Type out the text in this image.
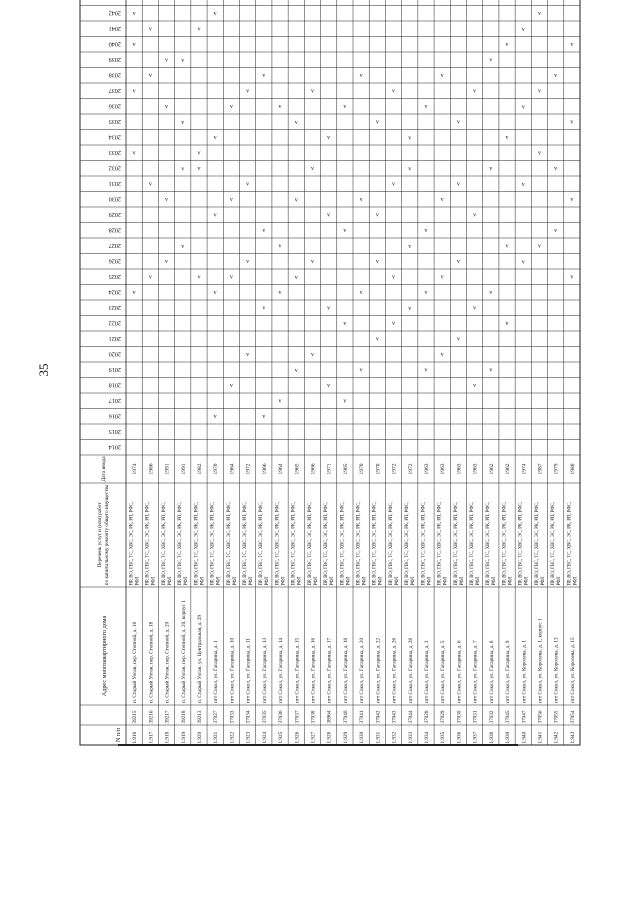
35
N п/п
Адрес многоквартирного дома
Перечень услуг и (или) работпо капитальному ремонту общего имущества
Дата ввода
2014
2015
2016
2017
2018
2019
2020
2021
2022
2023
2024
2025
2026
2027
2028
2029
2030
2031
2032
2033
2034
2035
2036
2037
2038
2039
2040
2041
2042
1.916
39215
п. Старый Уоган, пер. Степной, д. 16
ПР, ВО, ГВС, ТС, ХВС, ЭС, РК, РП, РФС,РФЛ
1974
v
v
v
v
v
1.917
39216
п. Старый Уоган, пер. Степной, д. 18
ПР, ВО, ГВС, ТС, ХВС, ЭС, РК, РП, РФС,РФЛ
1986
v
v
v
v
1.918
39217
п. Старый Уоган, пер. Степной, д. 20
ПР, ВО, ГВС, ТС, ХВС, ЭС, РК, РП, РФС,РФЛ
1991
v
v
v
v
1.919
39218
п. Старый Уоган, пер. Степной, д. 20, корпус 1
ПР, ВО, ГВС, ТС, ХВС, ЭС, РК, РП, РФС,РФЛ
1991
v
v
v
v
1.920
39213
п. Старый Уоган, ул. Центральная, д. 29
ПР, ВО, ГВС, ТС, ХВС, ЭС, РК, РП, РФС,РФЛ
1982
v
v
v
v
1.921
37027
пгт Сокол, ул. Гагарина, д. 1
ПР, ВО, ГВС, ТС, ХВС, ЭС, РК, РП, РФС,РФЛ
1970
v
v
v
v
v
1.922
37033
пгт Сокол, ул. Гагарина, д. 10
ПР, ВО, ГВС, ТС, ХВС, ЭС, РК, РП, РФС,РФЛ
1964
v
v
v
v
1.923
37034
пгт Сокол, ул. Гагарина, д. 11
ПР, ВО, ГВС, ТС, ХВС, ЭС, РК, РП, РФС,РФЛ
1972
v
v
v
v
1.924
37035
пгт Сокол, ул. Гагарина, д. 13
ПР, ВО, ГВС, ТС, ХВС, ЭС, РК, РП, РФС,РФЛ
1966
v
v
v
v
1.925
37036
пгт Сокол, ул. Гагарина, д. 14
ПР, ВО, ГВС, ТС, ХВС, ЭС, РК, РП, РФС,РФЛ
1964
v
v
v
v
1.926
37037
пгт Сокол, ул. Гагарина, д. 15
ПР, ВО, ГВС, ТС, ХВС, ЭС, РК, РП, РФС,РФЛ
1965
v
v
v
v
1.927
37038
пгт Сокол, ул. Гагарина, д. 16
ПР, ВО, ГВС, ТС, ХВС, ЭС, РК, РП, РФС,РФЛ
1966
v
v
v
v
1.928
38964
пгт Сокол, ул. Гагарина, д. 17
ПР, ВО, ГВС, ТС, ХВС, ЭС, РК, РП, РФС,РФЛ
1971
v
v
v
v
1.929
37040
пгт Сокол, ул. Гагарина, д. 18
ПР, ВО, ГВС, ТС, ХВС, ЭС, РК, РП, РФС,РФЛ
1965
v
v
v
v
1.930
37041
пгт Сокол, ул. Гагарина, д. 20
ПР, ВО, ГВС, ТС, ХВС, ЭС, РК, РП, РФС,РФЛ
1970
v
v
v
v
1.931
37042
пгт Сокол, ул. Гагарина, д. 22
ПР, ВО, ГВС, ТС, ХВС, ЭС, РК, РП, РФС,РФЛ
1970
v
v
v
v
1.932
37043
пгт Сокол, ул. Гагарина, д. 26
ПР, ВО, ГВС, ТС, ХВС, ЭС, РК, РП, РФС,РФЛ
1972
v
v
v
v
1.933
37044
пгт Сокол, ул. Гагарина, д. 28
ПР, ВО, ГВС, ТС, ХВС, ЭС, РК, РП, РФС,РФЛ
1972
v
v
v
v
1.934
37028
пгт Сокол, ул. Гагарина, д. 3
ПР, ВО, ГВС, ТС, ХВС, ЭС, РК, РП, РФС,РФЛ
1963
v
v
v
v
1.935
37029
пгт Сокол, ул. Гагарина, д. 5
ПР, ВО, ГВС, ТС, ХВС, ЭС, РК, РП, РФС,РФЛ
1963
v
v
v
v
1.936
37030
пгт Сокол, ул. Гагарина, д. 6
ПР, ВО, ГВС, ТС, ХВС, ЭС, РК, РП, РФС,РФЛ
1963
v
v
v
v
1.937
37031
пгт Сокол, ул. Гагарина, д. 7
ПР, ВО, ГВС, ТС, ХВС, ЭС, РК, РП, РФС,РФЛ
1963
v
v
v
v
1.938
37032
пгт Сокол, ул. Гагарина, д. 8
ПР, ВО, ГВС, ТС, ХВС, ЭС, РК, РП, РФС,РФЛ
1962
v
v
v
v
1.939
37045
пгт Сокол, ул. Гагарина, д. 9
ПР, ВО, ГВС, ТС, ХВС, ЭС, РК, РП, РФС,РФЛ
1962
v
v
v
v
1.940
37047
пгт Сокол, ул. Королева, д. 1
ПР, ВО, ГВС, ТС, ХВС, ЭС, РК, РП, РФС,РФЛ
1974
v
v
v
v
1.941
37056
пгт Сокол, ул. Королева, д. 1, корпус 1
ПР, ВО, ГВС, ТС, ХВС, ЭС, РК, РП, РФС,РФЛ
1987
v
v
v
v
1.942
37055
пгт Сокол, ул. Королева, д. 13
ПР, ВО, ГВС, ТС, ХВС, ЭС, РК, РП, РФС,РФЛ
1979
v
v
v
1.943
37054
пгт Сокол, ул. Королева, д. 15
ПР, ВО, ГВС, ТС, ХВС, ЭС, РК, РП, РФС,РФЛ
1980
v
v
v
v
